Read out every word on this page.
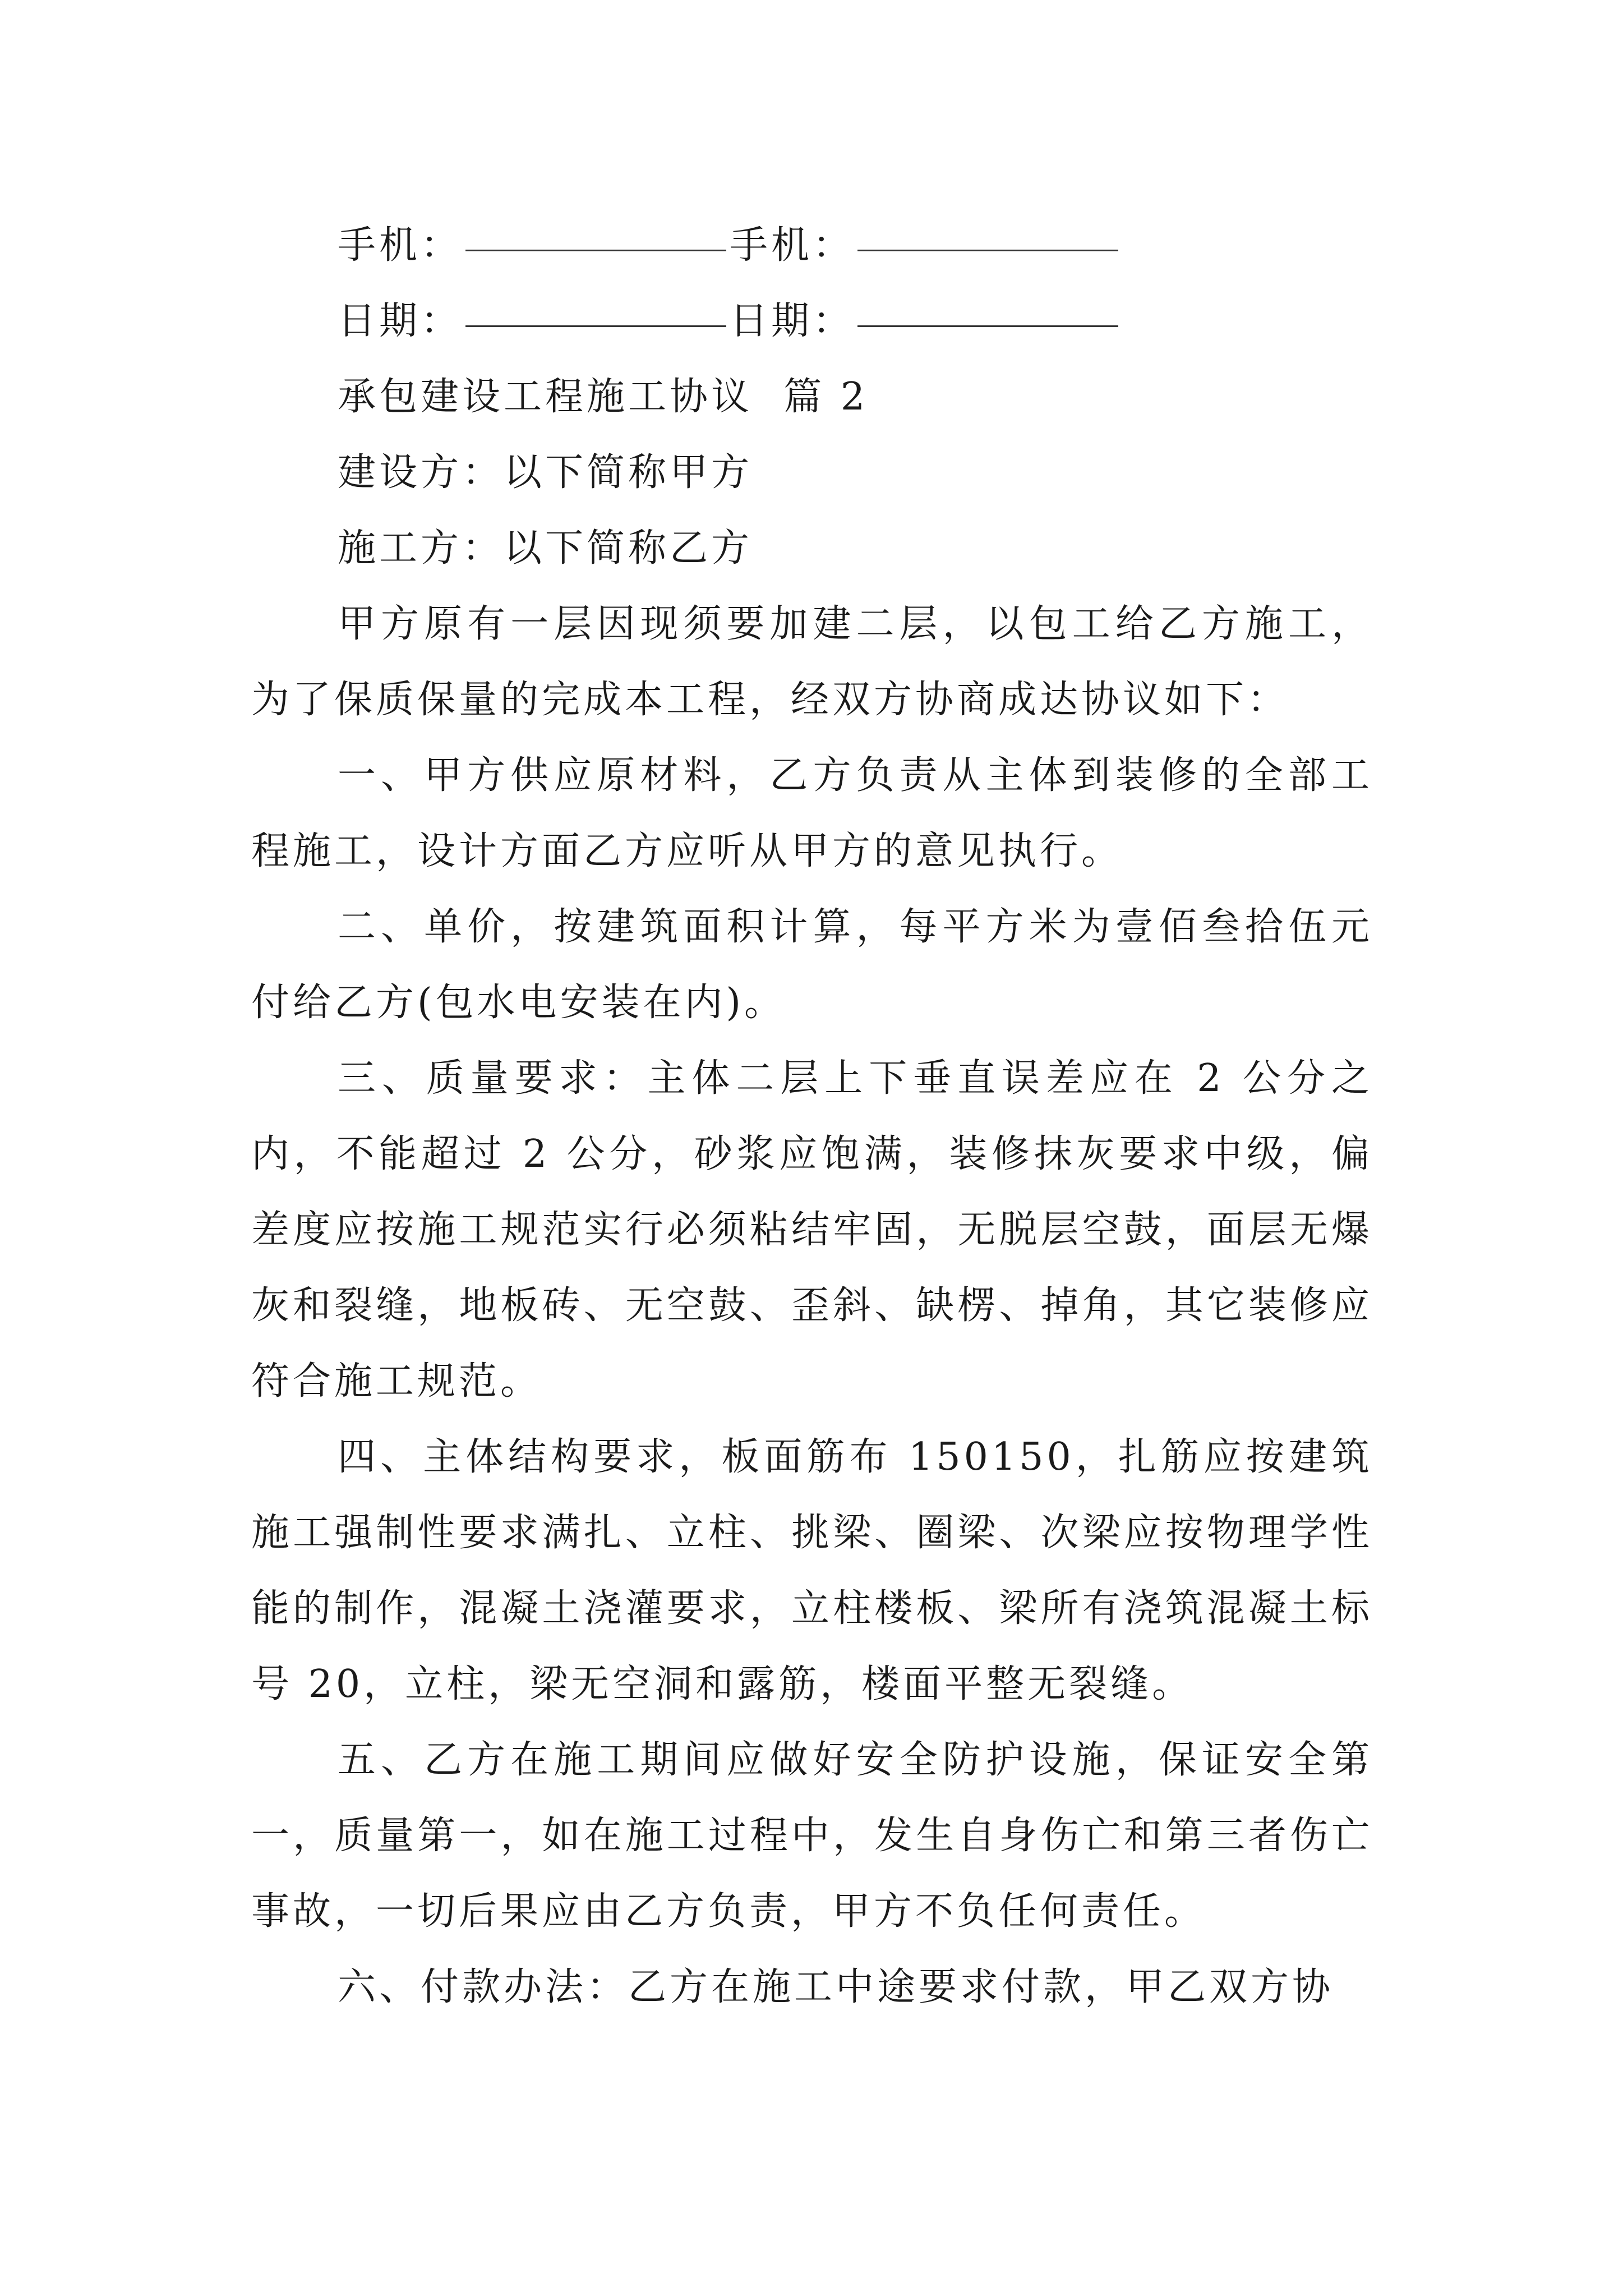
手机：	手机：
日期：	日期：
承包建设工程施工协议  篇 2
建设方：以下简称甲方
施工方：以下简称乙方

甲方原有一层因现须要加建二层，以包工给乙方施工，为了保质保量的完成本工程，经双方协商成达协议如下：

一、甲方供应原材料，乙方负责从主体到装修的全部工程施工，设计方面乙方应听从甲方的意见执行。

二、单价，按建筑面积计算，每平方米为壹佰叁拾伍元付给乙方(包水电安装在内)。

三、质量要求：主体二层上下垂直误差应在 2 公分之内，不能超过 2 公分，砂浆应饱满，装修抹灰要求中级，偏差度应按施工规范实行必须粘结牢固，无脱层空鼓，面层无爆灰和裂缝，地板砖、无空鼓、歪斜、缺楞、掉角，其它装修应符合施工规范。

四、主体结构要求，板面筋布 150150，扎筋应按建筑施工强制性要求满扎、立柱、挑梁、圈梁、次梁应按物理学性能的制作，混凝土浇灌要求，立柱楼板、梁所有浇筑混凝土标号 20，立柱，梁无空洞和露筋，楼面平整无裂缝。

五、乙方在施工期间应做好安全防护设施，保证安全第一，质量第一，如在施工过程中，发生自身伤亡和第三者伤亡事故，一切后果应由乙方负责，甲方不负任何责任。

六、付款办法：乙方在施工中途要求付款，甲乙双方协
